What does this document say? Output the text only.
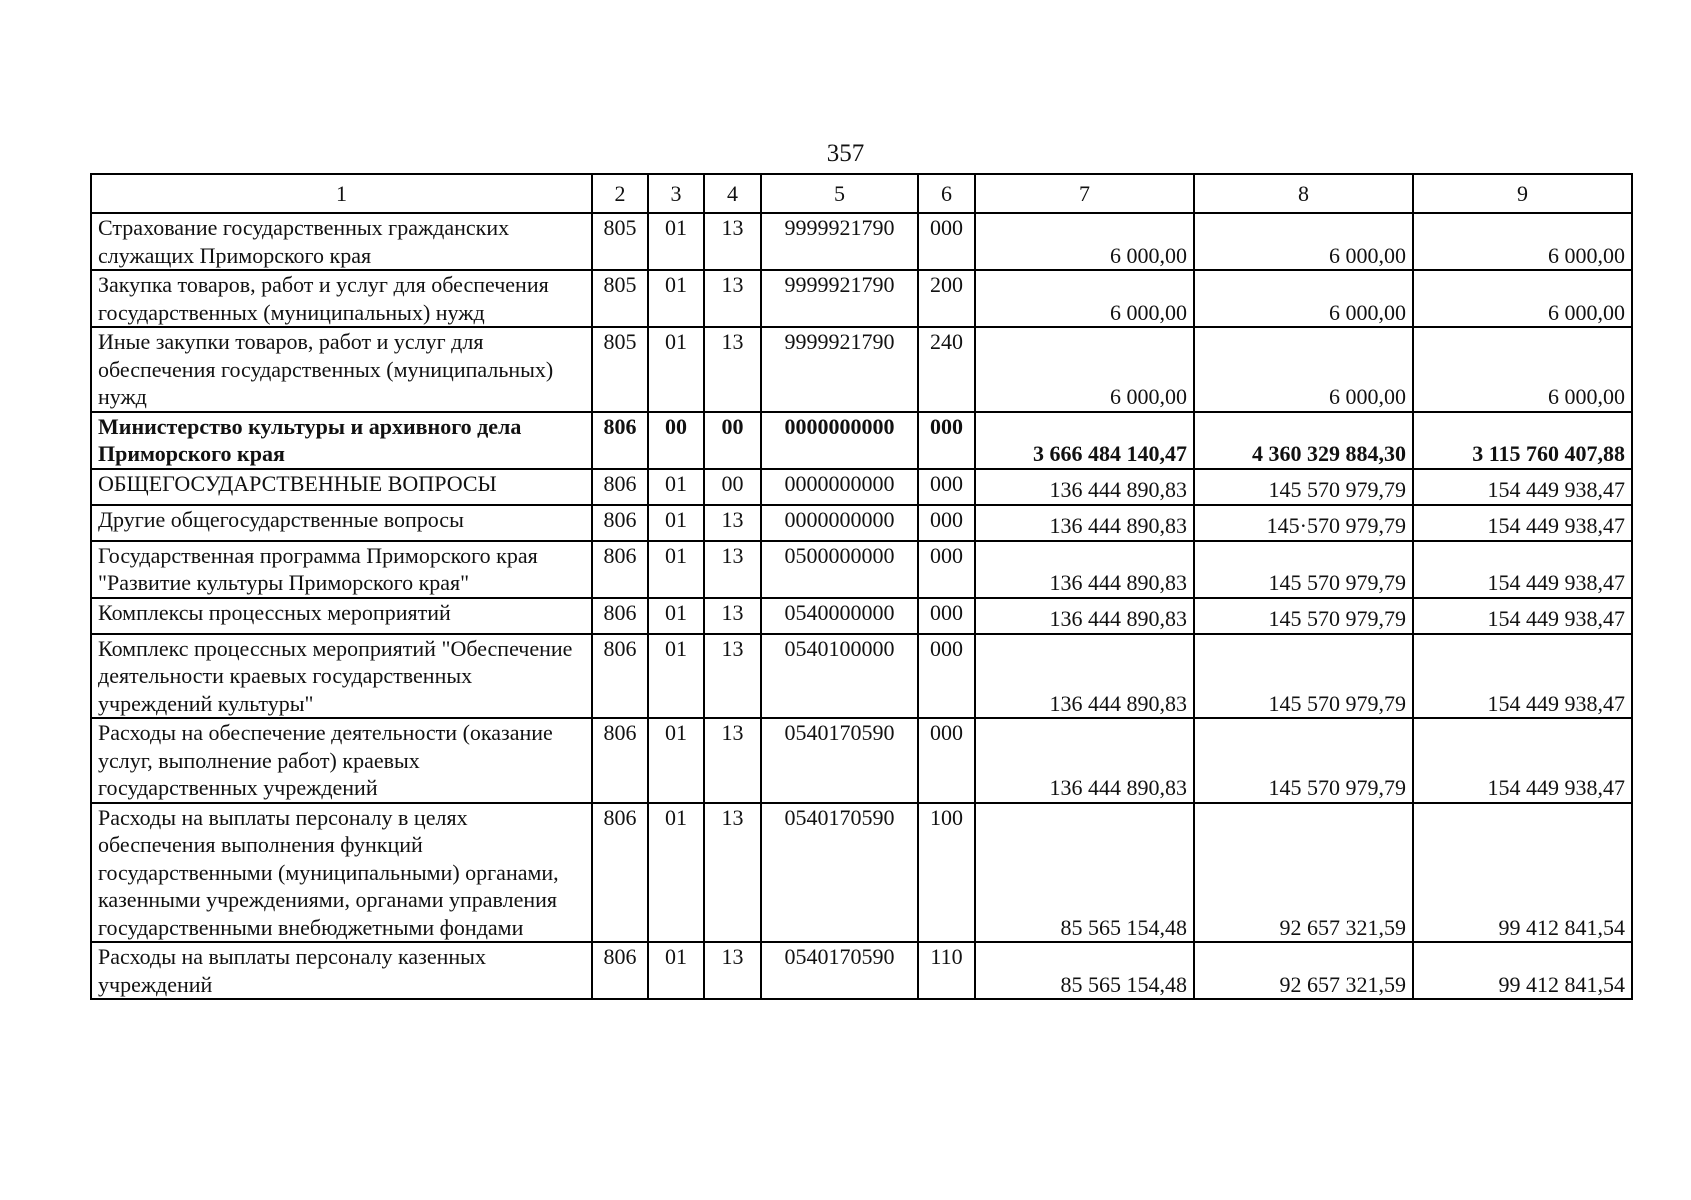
357
1	2	3	4	5	6	7	8	9
Страхование государственных гражданских служащих Приморского края	805	01	13	9999921790	000	6 000,00	6 000,00	6 000,00
Закупка товаров, работ и услуг для обеспечения государственных (муниципальных) нужд	805	01	13	9999921790	200	6 000,00	6 000,00	6 000,00
Иные закупки товаров, работ и услуг для обеспечения государственных (муниципальных) нужд	805	01	13	9999921790	240	6 000,00	6 000,00	6 000,00
Министерство культуры и архивного дела Приморского края	806	00	00	0000000000	000	3 666 484 140,47	4 360 329 884,30	3 115 760 407,88
ОБЩЕГОСУДАРСТВЕННЫЕ ВОПРОСЫ	806	01	00	0000000000	000	136 444 890,83	145 570 979,79	154 449 938,47
Другие общегосударственные вопросы	806	01	13	0000000000	000	136 444 890,83	145·570 979,79	154 449 938,47
Государственная программа Приморского края "Развитие культуры Приморского края"	806	01	13	0500000000	000	136 444 890,83	145 570 979,79	154 449 938,47
Комплексы процессных мероприятий	806	01	13	0540000000	000	136 444 890,83	145 570 979,79	154 449 938,47
Комплекс процессных мероприятий "Обеспечение деятельности краевых государственных учреждений культуры"	806	01	13	0540100000	000	136 444 890,83	145 570 979,79	154 449 938,47
Расходы на обеспечение деятельности (оказание услуг, выполнение работ) краевых государственных учреждений	806	01	13	0540170590	000	136 444 890,83	145 570 979,79	154 449 938,47
Расходы на выплаты персоналу в целях обеспечения выполнения функций государственными (муниципальными) органами, казенными учреждениями, органами управления государственными внебюджетными фондами	806	01	13	0540170590	100	85 565 154,48	92 657 321,59	99 412 841,54
Расходы на выплаты персоналу казенных учреждений	806	01	13	0540170590	110	85 565 154,48	92 657 321,59	99 412 841,54
